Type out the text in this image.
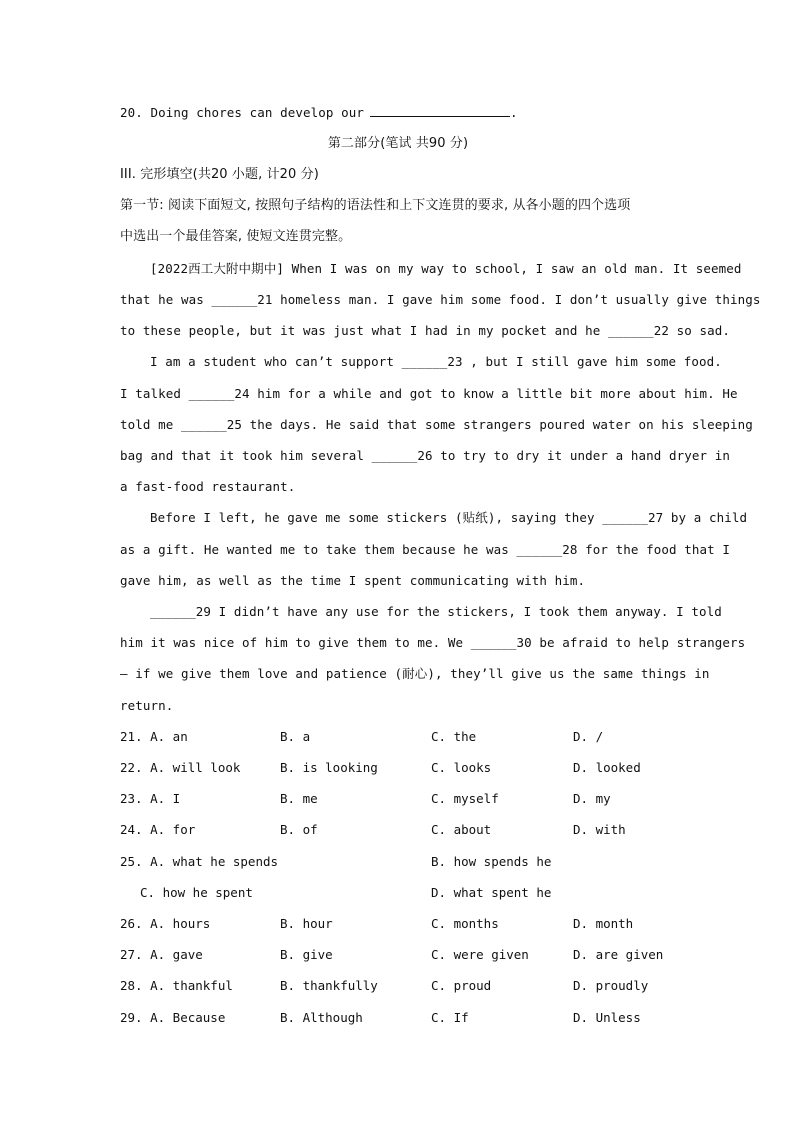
20. Doing chores can develop our	.
第二部分(笔试 共90 分)
III. 完形填空(共20 小题, 计20 分)
第一节: 阅读下面短文, 按照句子结构的语法性和上下文连贯的要求, 从各小题的四个选项
中选出一个最佳答案, 使短文连贯完整。
[2022西工大附中期中] When I was on my way to school, I saw an old man. It seemed
that he was ______21 homeless man. I gave him some food. I don’t usually give things
to these people, but it was just what I had in my pocket and he ______22 so sad.
I am a student who can’t support ______23 , but I still gave him some food.
I talked ______24 him for a while and got to know a little bit more about him. He
told me ______25 the days. He said that some strangers poured water on his sleeping
bag and that it took him several ______26 to try to dry it under a hand dryer in
a fast-food restaurant.
Before I left, he gave me some stickers (贴纸), saying they ______27 by a child
as a gift. He wanted me to take them because he was ______28 for the food that I
gave him, as well as the time I spent communicating with him.
______29 I didn’t have any use for the stickers, I took them anyway. I told
him it was nice of him to give them to me. We ______30 be afraid to help strangers
— if we give them love and patience (耐心), they’ll give us the same things in
return.
21. A. an	B. a	C. the	D. /
22. A. will look	B. is looking	C. looks	D. looked
23. A. I	B. me	C. myself	D. my
24. A. for	B. of	C. about	D. with
25. A. what he spends	B. how spends he
C. how he spent	D. what spent he
26. A. hours	B. hour	C. months	D. month
27. A. gave	B. give	C. were given	D. are given
28. A. thankful	B. thankfully	C. proud	D. proudly
29. A. Because	B. Although	C. If	D. Unless
